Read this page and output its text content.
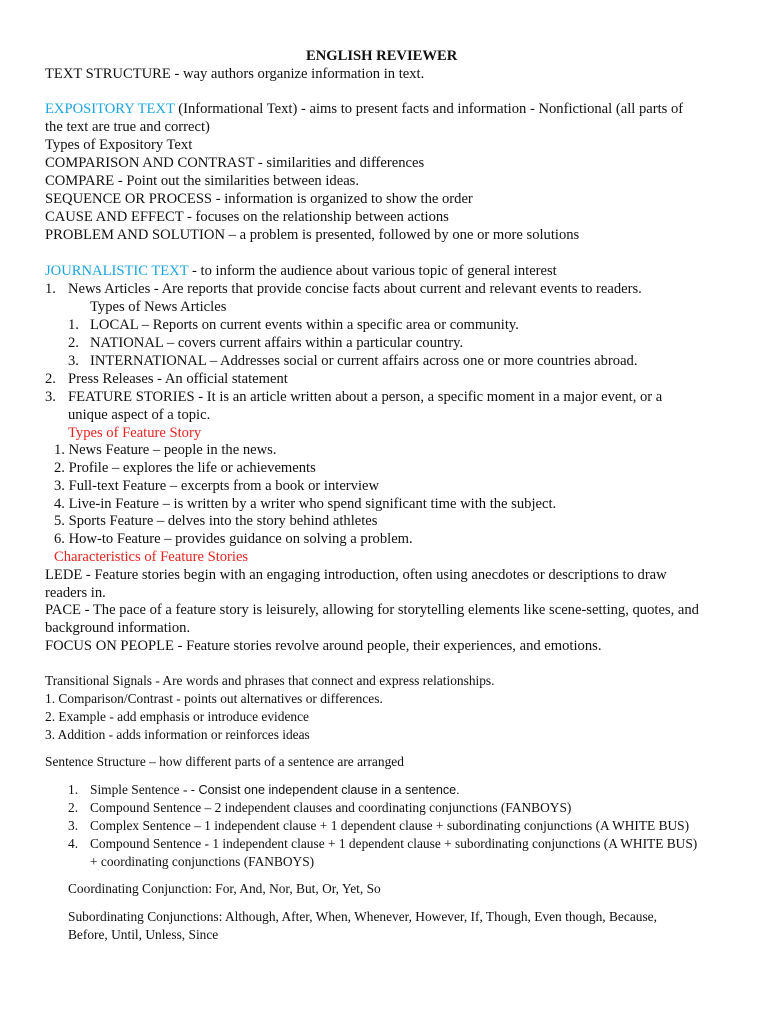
ENGLISH REVIEWER
TEXT STRUCTURE - way authors organize information in text.
EXPOSITORY TEXT (Informational Text) - aims to present facts and information - Nonfictional (all parts of
the text are true and correct)
Types of Expository Text
COMPARISON AND CONTRAST - similarities and differences
COMPARE - Point out the similarities between ideas.
SEQUENCE OR PROCESS - information is organized to show the order
CAUSE AND EFFECT - focuses on the relationship between actions
PROBLEM AND SOLUTION – a problem is presented, followed by one or more solutions
JOURNALISTIC TEXT - to inform the audience about various topic of general interest
1. News Articles - Are reports that provide concise facts about current and relevant events to readers.
Types of News Articles
1. LOCAL – Reports on current events within a specific area or community.
2. NATIONAL – covers current affairs within a particular country.
3. INTERNATIONAL – Addresses social or current affairs across one or more countries abroad.
2. Press Releases - An official statement
3. FEATURE STORIES - It is an article written about a person, a specific moment in a major event, or a
unique aspect of a topic.
Types of Feature Story
1. News Feature – people in the news.
2. Profile – explores the life or achievements
3. Full-text Feature – excerpts from a book or interview
4. Live-in Feature – is written by a writer who spend significant time with the subject.
5. Sports Feature – delves into the story behind athletes
6. How-to Feature – provides guidance on solving a problem.
Characteristics of Feature Stories
LEDE - Feature stories begin with an engaging introduction, often using anecdotes or descriptions to draw
readers in.
PACE - The pace of a feature story is leisurely, allowing for storytelling elements like scene-setting, quotes, and
background information.
FOCUS ON PEOPLE - Feature stories revolve around people, their experiences, and emotions.
Transitional Signals - Are words and phrases that connect and express relationships.
1. Comparison/Contrast - points out alternatives or differences.
2. Example - add emphasis or introduce evidence
3. Addition - adds information or reinforces ideas
Sentence Structure – how different parts of a sentence are arranged
1. Simple Sentence - - Consist one independent clause in a sentence.
2. Compound Sentence – 2 independent clauses and coordinating conjunctions (FANBOYS)
3. Complex Sentence – 1 independent clause + 1 dependent clause + subordinating conjunctions (A WHITE BUS)
4. Compound Sentence - 1 independent clause + 1 dependent clause + subordinating conjunctions (A WHITE BUS)
+ coordinating conjunctions (FANBOYS)
Coordinating Conjunction: For, And, Nor, But, Or, Yet, So
Subordinating Conjunctions: Although, After, When, Whenever, However, If, Though, Even though, Because,
Before, Until, Unless, Since
